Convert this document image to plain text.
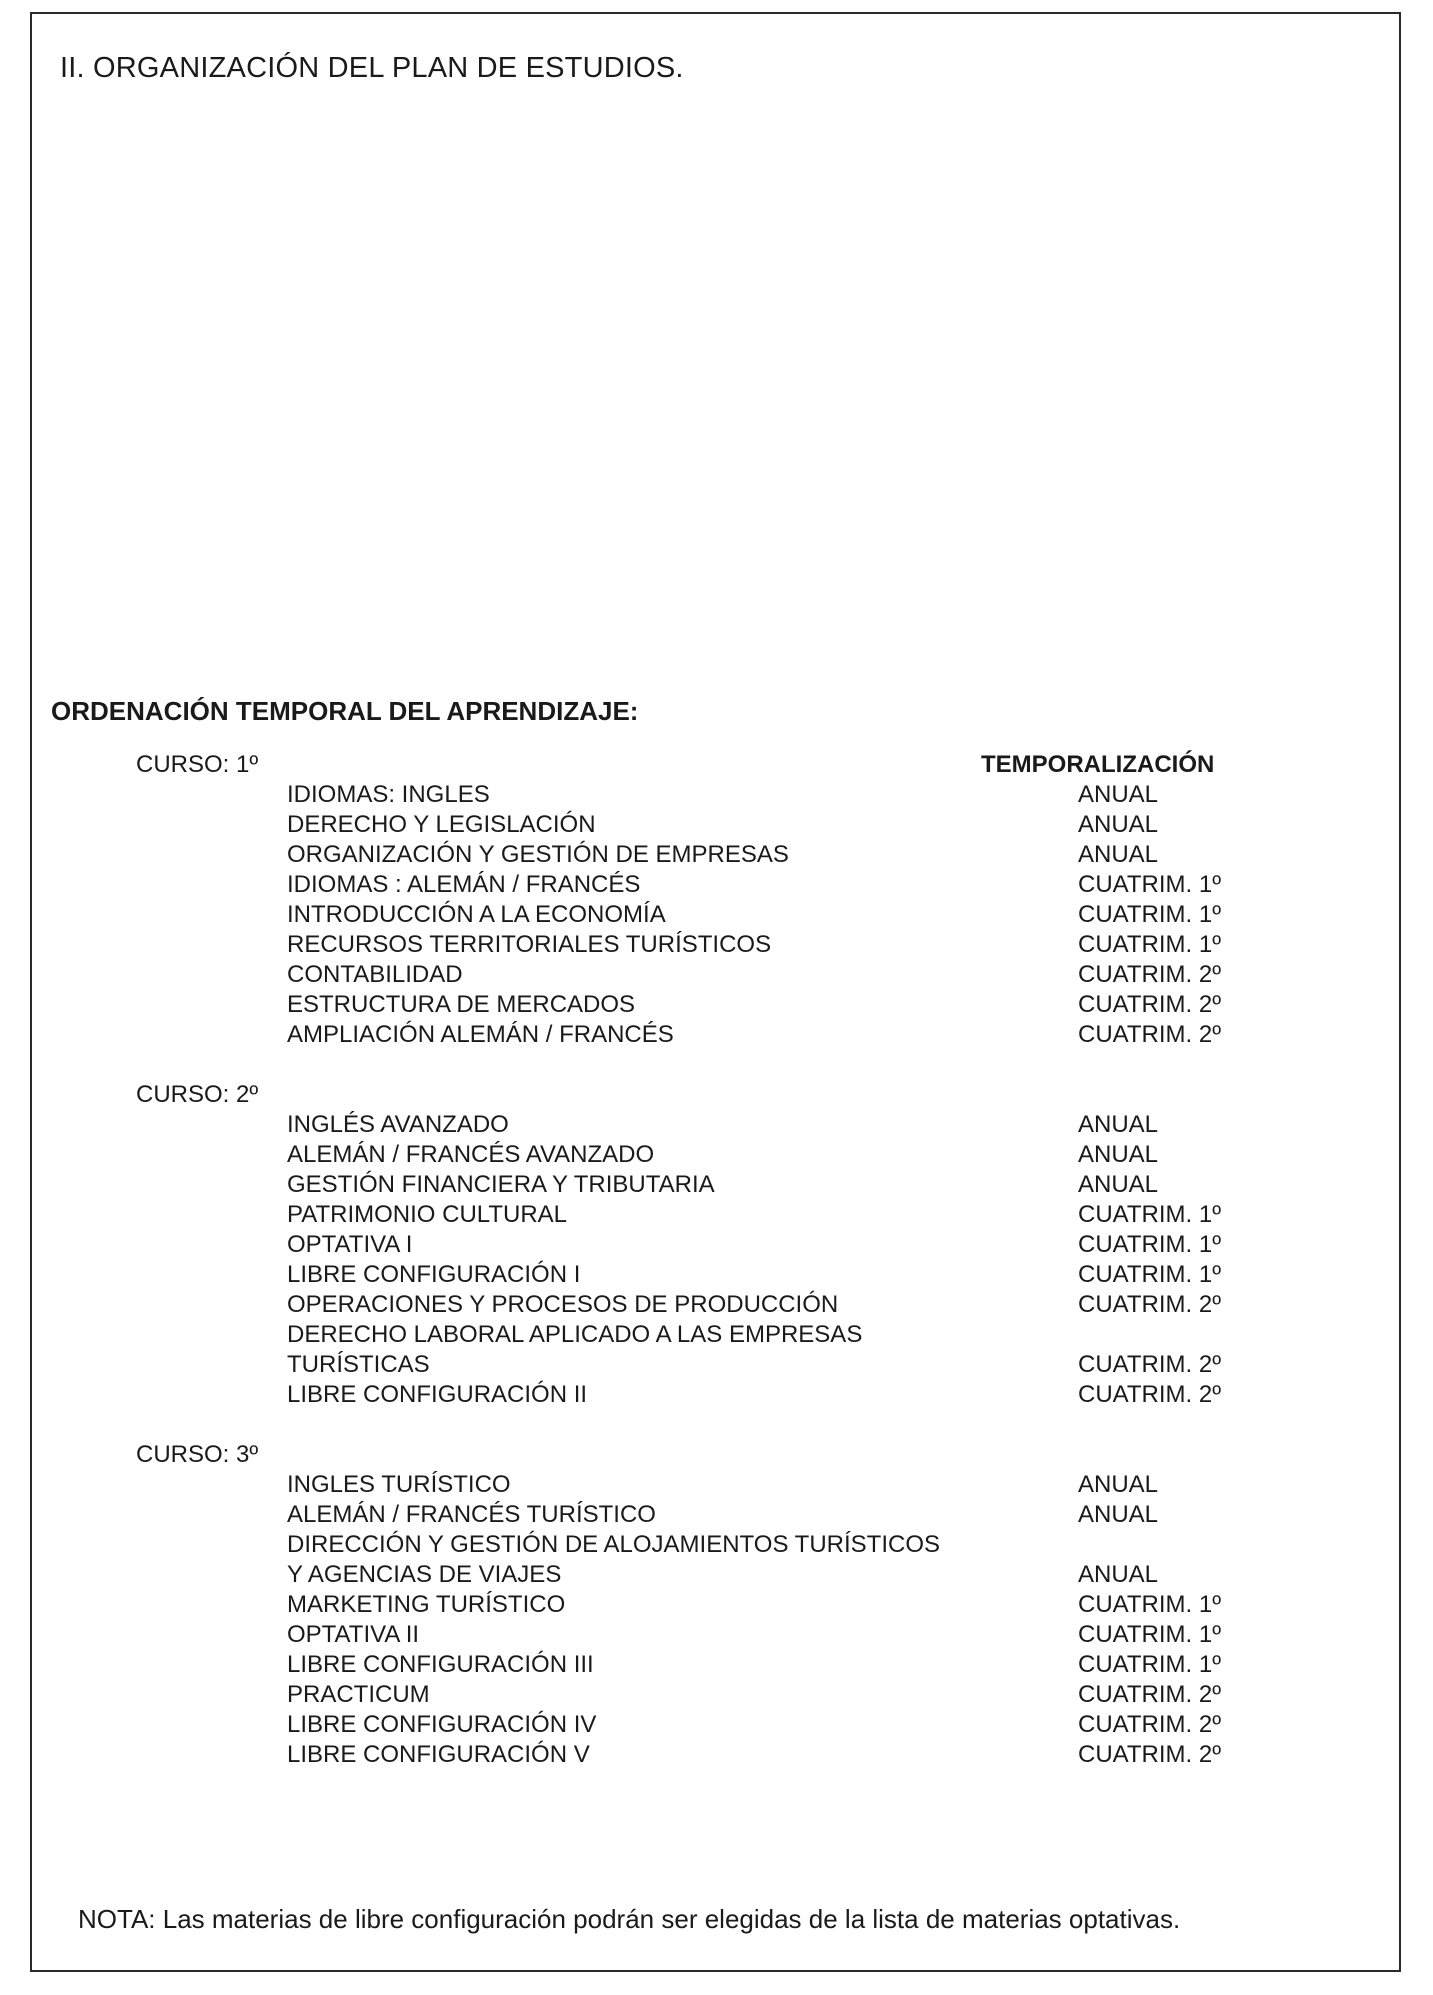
II. ORGANIZACIÓN DEL PLAN DE ESTUDIOS.
ORDENACIÓN TEMPORAL DEL APRENDIZAJE:
CURSO: 1º	TEMPORALIZACIÓN
IDIOMAS: INGLES	ANUAL
DERECHO Y LEGISLACIÓN	ANUAL
ORGANIZACIÓN Y GESTIÓN DE EMPRESAS	ANUAL
IDIOMAS : ALEMÁN / FRANCÉS	CUATRIM. 1º
INTRODUCCIÓN A LA ECONOMÍA	CUATRIM. 1º
RECURSOS TERRITORIALES TURÍSTICOS	CUATRIM. 1º
CONTABILIDAD	CUATRIM. 2º
ESTRUCTURA DE MERCADOS	CUATRIM. 2º
AMPLIACIÓN ALEMÁN / FRANCÉS	CUATRIM. 2º
CURSO: 2º
INGLÉS AVANZADO	ANUAL
ALEMÁN / FRANCÉS AVANZADO	ANUAL
GESTIÓN FINANCIERA Y TRIBUTARIA	ANUAL
PATRIMONIO CULTURAL	CUATRIM. 1º
OPTATIVA I	CUATRIM. 1º
LIBRE CONFIGURACIÓN I	CUATRIM. 1º
OPERACIONES Y PROCESOS DE PRODUCCIÓN	CUATRIM. 2º
DERECHO LABORAL APLICADO A LAS EMPRESAS
TURÍSTICAS	CUATRIM. 2º
LIBRE CONFIGURACIÓN II	CUATRIM. 2º
CURSO: 3º
INGLES TURÍSTICO	ANUAL
ALEMÁN / FRANCÉS TURÍSTICO	ANUAL
DIRECCIÓN Y GESTIÓN DE ALOJAMIENTOS TURÍSTICOS
Y AGENCIAS DE VIAJES	ANUAL
MARKETING TURÍSTICO	CUATRIM. 1º
OPTATIVA II	CUATRIM. 1º
LIBRE CONFIGURACIÓN III	CUATRIM. 1º
PRACTICUM	CUATRIM. 2º
LIBRE CONFIGURACIÓN IV	CUATRIM. 2º
LIBRE CONFIGURACIÓN V	CUATRIM. 2º

NOTA: Las materias de libre configuración podrán ser elegidas de la lista de materias optativas.
